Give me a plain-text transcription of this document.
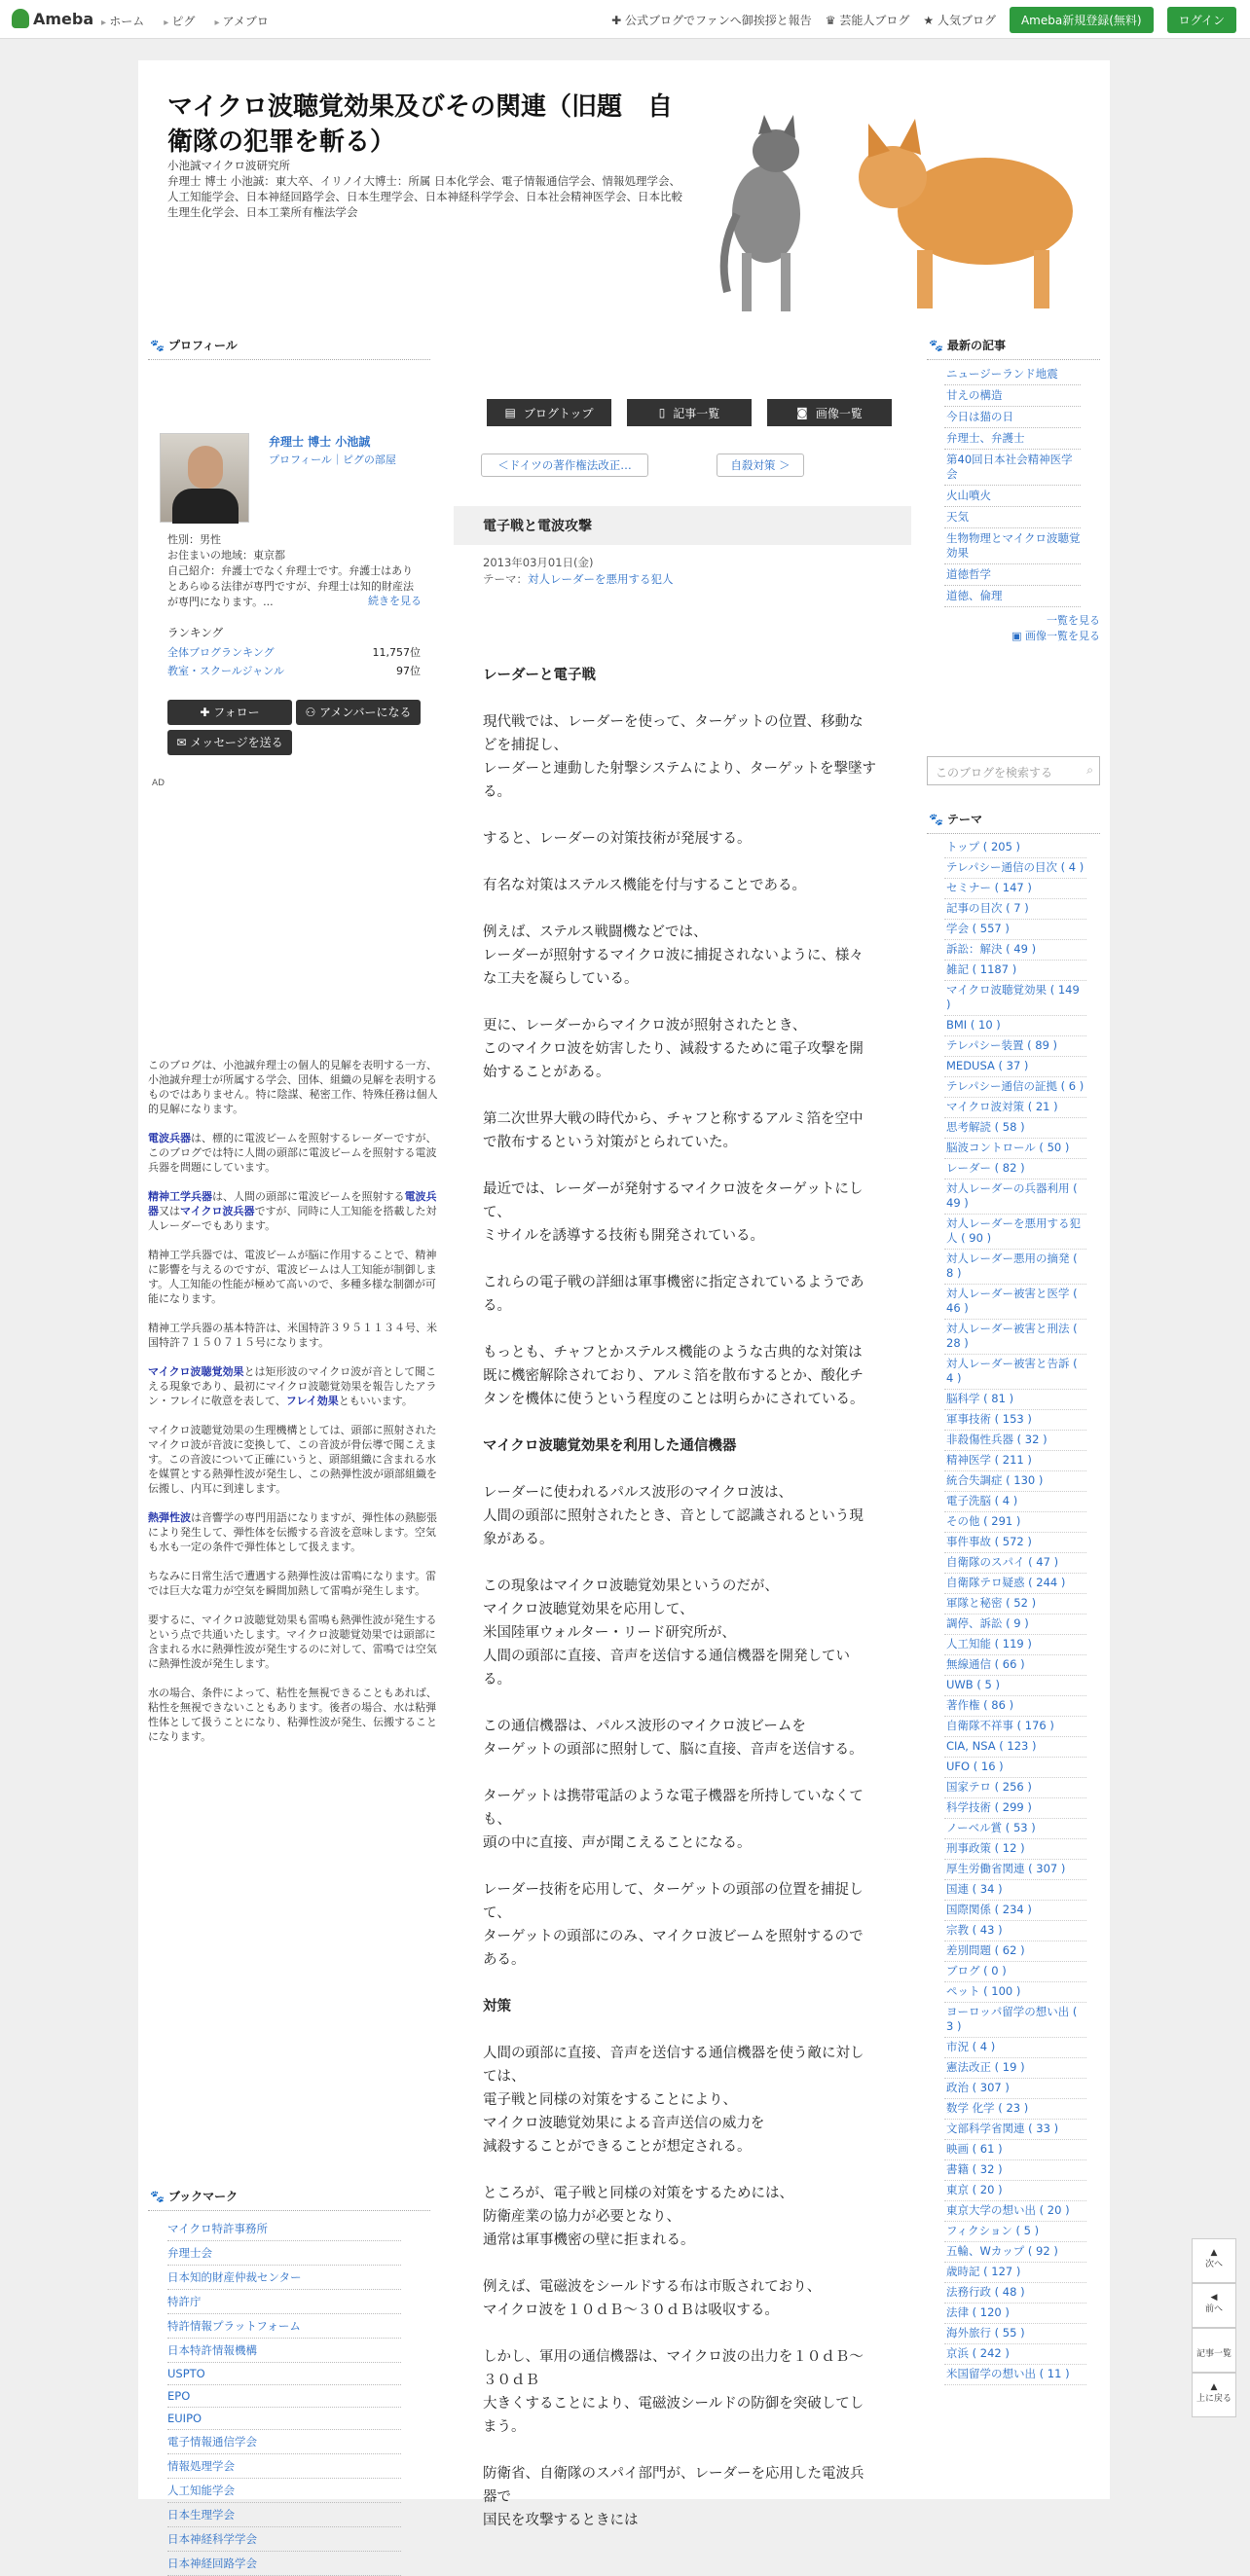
Ameba	▸ ホーム	▸ ピグ	▸ アメブロ	✚ 公式ブログでファンへ御挨拶と報告 ♛ 芸能人ブログ ★ 人気ブログ	Ameba新規登録(無料)	ログイン
マイクロ波聴覚効果及びその関連（旧題　自衛隊の犯罪を斬る）
小池誠マイクロ波研究所
弁理士 博士 小池誠：東大卒、イリノイ大博士：所属 日本化学会、電子情報通信学会、情報処理学会、人工知能学会、日本神経回路学会、日本生理学会、日本神経科学学会、日本社会精神医学会、日本比較生理生化学会、日本工業所有権法学会
🐾 プロフィール
弁理士 博士 小池誠
プロフィール｜ピグの部屋
性別：男性
お住まいの地域：東京都
自己紹介：弁護士でなく弁理士です。弁護士はありとあらゆる法律が専門ですが、弁理士は知的財産法が専門になります。...	続きを見る
ランキング
全体ブログランキング	11,757位
教室・スクールジャンル	97位
✚ フォロー	⚇ アメンバーになる
✉ メッセージを送る
AD

このブログは、小池誠弁理士の個人的見解を表明する一方、小池誠弁理士が所属する学会、団体、組織の見解を表明するものではありません。特に陰謀、秘密工作、特殊任務は個人的見解になります。

電波兵器は、標的に電波ビームを照射するレーダーですが、このブログでは特に人間の頭部に電波ビームを照射する電波兵器を問題にしています。

精神工学兵器は、人間の頭部に電波ビームを照射する電波兵器又はマイクロ波兵器ですが、同時に人工知能を搭載した対人レーダーでもあります。

精神工学兵器では、電波ビームが脳に作用することで、精神に影響を与えるのですが、電波ビームは人工知能が制御します。人工知能の性能が極めて高いので、多種多様な制御が可能になります。

精神工学兵器の基本特許は、米国特許３９５１１３４号、米国特許７１５０７１５号になります。

マイクロ波聴覚効果とは矩形波のマイクロ波が音として聞こえる現象であり、最初にマイクロ波聴覚効果を報告したアラン・フレイに敬意を表して、フレイ効果ともいいます。

マイクロ波聴覚効果の生理機構としては、頭部に照射されたマイクロ波が音波に変換して、この音波が骨伝導で聞こえます。この音波について正確にいうと、頭部組織に含まれる水を媒質とする熱弾性波が発生し、この熱弾性波が頭部組織を伝搬し、内耳に到達します。

熱弾性波は音響学の専門用語になりますが、弾性体の熱膨張により発生して、弾性体を伝搬する音波を意味します。空気も水も一定の条件で弾性体として扱えます。

ちなみに日常生活で遭遇する熱弾性波は雷鳴になります。雷では巨大な電力が空気を瞬間加熱して雷鳴が発生します。

要するに、マイクロ波聴覚効果も雷鳴も熱弾性波が発生するという点で共通いたします。マイクロ波聴覚効果では頭部に含まれる水に熱弾性波が発生するのに対して、雷鳴では空気に熱弾性波が発生します。

水の場合、条件によって、粘性を無視できることもあれば、粘性を無視できないこともあります。後者の場合、水は粘弾性体として扱うことになり、粘弾性波が発生、伝搬することになります。

🐾 ブックマーク
マイクロ特許事務所
弁理士会
日本知的財産仲裁センター
特許庁
特許情報プラットフォーム
日本特許情報機構
USPTO
EPO
EUIPO
電子情報通信学会
情報処理学会
人工知能学会
日本生理学会
日本神経科学学会
日本神経回路学会
▤ ブログトップ	▯ 記事一覧	◙ 画像一覧
＜ドイツの著作権法改正…	自殺対策 ＞
電子戦と電波攻撃
2013年03月01日(金)
テーマ：対人レーダーを悪用する犯人
レーダーと電子戦

現代戦では、レーダーを使って、ターゲットの位置、移動などを捕捉し、
レーダーと連動した射撃システムにより、ターゲットを撃墜する。

すると、レーダーの対策技術が発展する。

有名な対策はステルス機能を付与することである。

例えば、ステルス戦闘機などでは、
レーダーが照射するマイクロ波に捕捉されないように、様々な工夫を凝らしている。

更に、レーダーからマイクロ波が照射されたとき、
このマイクロ波を妨害したり、減殺するために電子攻撃を開始することがある。

第二次世界大戦の時代から、チャフと称するアルミ箔を空中で散布するという対策がとられていた。

最近では、レーダーが発射するマイクロ波をターゲットにして、
ミサイルを誘導する技術も開発されている。

これらの電子戦の詳細は軍事機密に指定されているようである。

もっとも、チャフとかステルス機能のような古典的な対策は既に機密解除されており、アルミ箔を散布するとか、酸化チタンを機体に使うという程度のことは明らかにされている。

マイクロ波聴覚効果を利用した通信機器

レーダーに使われるパルス波形のマイクロ波は、
人間の頭部に照射されたとき、音として認識されるという現象がある。

この現象はマイクロ波聴覚効果というのだが、
マイクロ波聴覚効果を応用して、
米国陸軍ウォルター・リード研究所が、
人間の頭部に直接、音声を送信する通信機器を開発している。

この通信機器は、パルス波形のマイクロ波ビームを
ターゲットの頭部に照射して、脳に直接、音声を送信する。

ターゲットは携帯電話のような電子機器を所持していなくても、
頭の中に直接、声が聞こえることになる。

レーダー技術を応用して、ターゲットの頭部の位置を捕捉して、
ターゲットの頭部にのみ、マイクロ波ビームを照射するのである。

対策

人間の頭部に直接、音声を送信する通信機器を使う敵に対しては、
電子戦と同様の対策をすることにより、
マイクロ波聴覚効果による音声送信の威力を
減殺することができることが想定される。

ところが、電子戦と同様の対策をするためには、
防衛産業の協力が必要となり、
通常は軍事機密の壁に拒まれる。

例えば、電磁波をシールドする布は市販されており、
マイクロ波を１０ｄＢ～３０ｄＢは吸収する。

しかし、軍用の通信機器は、マイクロ波の出力を１０ｄＢ～３０ｄＢ
大きくすることにより、電磁波シールドの防御を突破してしまう。

防衛省、自衛隊のスパイ部門が、レーダーを応用した電波兵器で
国民を攻撃するときには

🐾 最新の記事
ニュージーランド地震
甘えの構造
今日は猫の日
弁理士、弁護士
第40回日本社会精神医学会
火山噴火
天気
生物物理とマイクロ波聴覚効果
道徳哲学
道徳、倫理
一覧を見る
▣ 画像一覧を見る
このブログを検索する	⌕
🐾 テーマ
トップ ( 205 )
テレパシー通信の目次 ( 4 )
セミナー ( 147 )
記事の目次 ( 7 )
学会 ( 557 )
訴訟：解決 ( 49 )
雑記 ( 1187 )
マイクロ波聴覚効果 ( 149 )
BMI ( 10 )
テレパシー装置 ( 89 )
MEDUSA ( 37 )
テレパシー通信の証拠 ( 6 )
マイクロ波対策 ( 21 )
思考解読 ( 58 )
脳波コントロール ( 50 )
レーダー ( 82 )
対人レーダーの兵器利用 ( 49 )
対人レーダーを悪用する犯人 ( 90 )
対人レーダー悪用の摘発 ( 8 )
対人レーダー被害と医学 ( 46 )
対人レーダー被害と刑法 ( 28 )
対人レーダー被害と告訴 ( 4 )
脳科学 ( 81 )
軍事技術 ( 153 )
非殺傷性兵器 ( 32 )
精神医学 ( 211 )
統合失調症 ( 130 )
電子洗脳 ( 4 )
その他 ( 291 )
事件事故 ( 572 )
自衛隊のスパイ ( 47 )
自衛隊テロ疑惑 ( 244 )
軍隊と秘密 ( 52 )
調停、訴訟 ( 9 )
人工知能 ( 119 )
無線通信 ( 66 )
UWB ( 5 )
著作権 ( 86 )
自衛隊不祥事 ( 176 )
CIA, NSA ( 123 )
UFO ( 16 )
国家テロ ( 256 )
科学技術 ( 299 )
ノーベル賞 ( 53 )
刑事政策 ( 12 )
厚生労働省関連 ( 307 )
国連 ( 34 )
国際関係 ( 234 )
宗教 ( 43 )
差別問題 ( 62 )
ブログ ( 0 )
ペット ( 100 )
ヨーロッパ留学の想い出 ( 3 )
市況 ( 4 )
憲法改正 ( 19 )
政治 ( 307 )
数学 化学 ( 23 )
文部科学省関連 ( 33 )
映画 ( 61 )
書籍 ( 32 )
東京 ( 20 )
東京大学の想い出 ( 20 )
フィクション ( 5 )
五輪、Wカップ ( 92 )
歳時記 ( 127 )
法務行政 ( 48 )
法律 ( 120 )
海外旅行 ( 55 )
京浜 ( 242 )
米国留学の想い出 ( 11 )
▲
次へ
◀
前へ

記事一覧
▲
上に戻る
